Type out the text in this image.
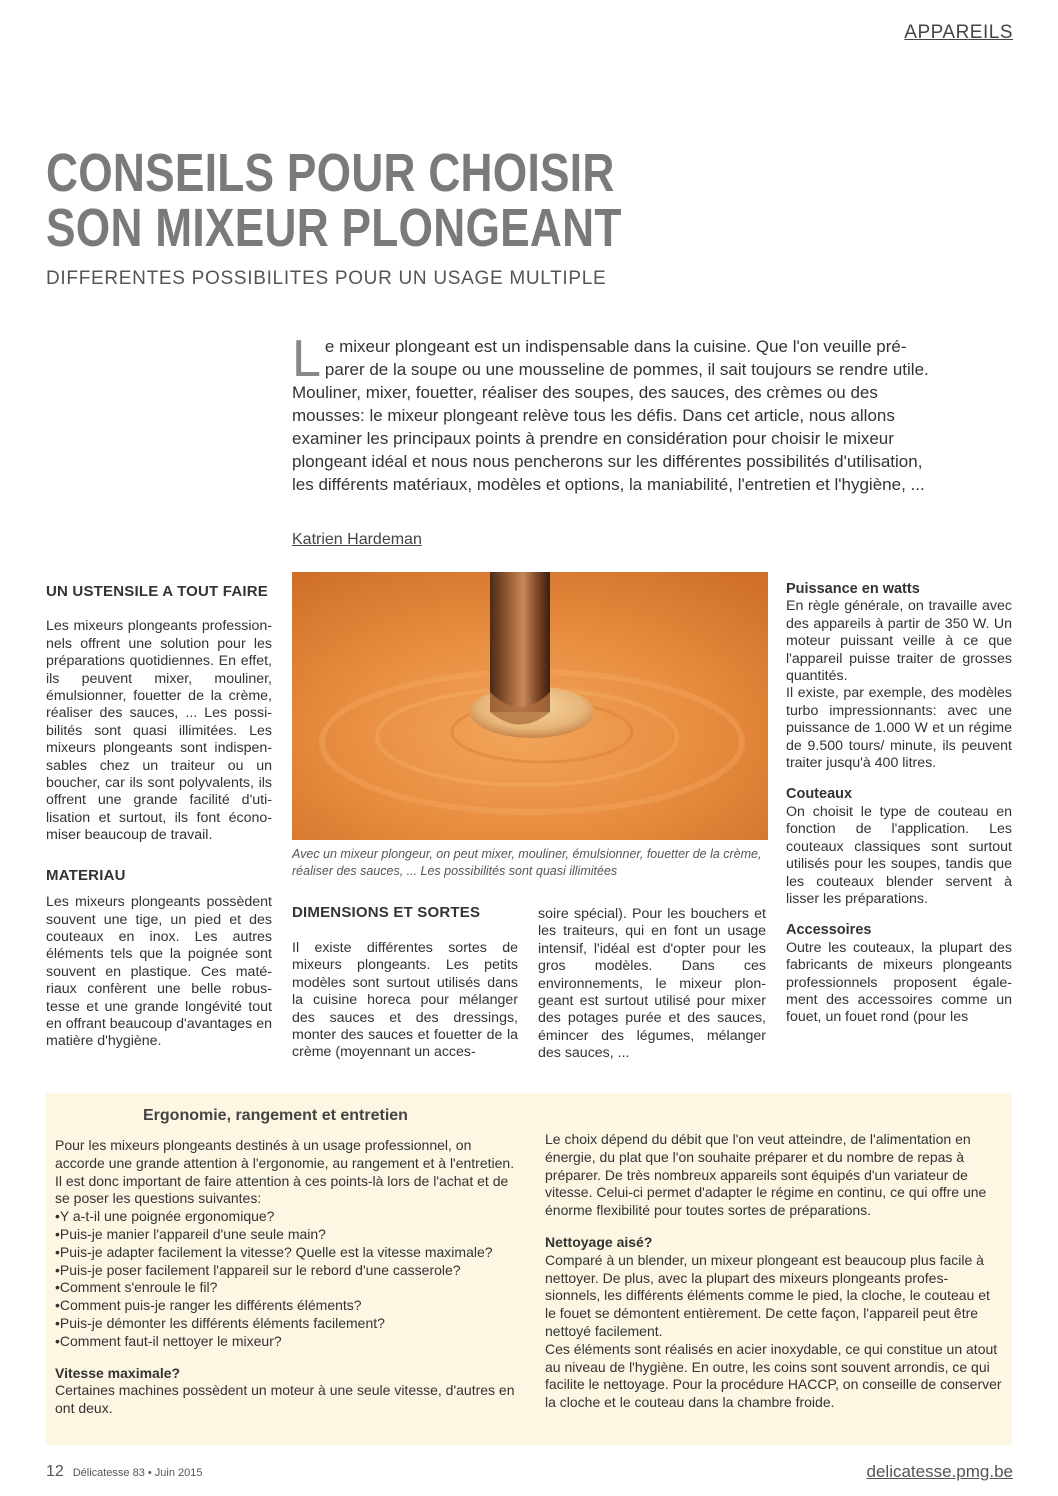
APPAREILS
CONSEILS POUR CHOISIR
SON MIXEUR PLONGEANT
DIFFERENTES POSSIBILITES POUR UN USAGE MULTIPLE
Le mixeur plongeant est un indispensable dans la cuisine. Que l'on veuille pré-parer de la soupe ou une mousseline de pommes, il sait toujours se rendre utile. Mouliner, mixer, fouetter, réaliser des soupes, des sauces, des crèmes ou des mousses: le mixeur plongeant relève tous les défis. Dans cet article, nous allons examiner les principaux points à prendre en considération pour choisir le mixeur plongeant idéal et nous nous pencherons sur les différentes possibilités d'utilisation, les différents matériaux, modèles et options, la maniabilité, l'entretien et l'hygiène, ...
Katrien Hardeman
UN USTENSILE A TOUT FAIRE

Les mixeurs plongeants profession-nels offrent une solution pour les préparations quotidiennes. En effet, ils peuvent mixer, mouliner, émulsionner, fouetter de la crème, réaliser des sauces, ... Les possi-bilités sont quasi illimitées. Les mixeurs plongeants sont indispen-sables chez un traiteur ou un boucher, car ils sont polyvalents, ils offrent une grande facilité d'uti-lisation et surtout, ils font écono-miser beaucoup de travail.

MATERIAU

Les mixeurs plongeants possèdent souvent une tige, un pied et des couteaux en inox. Les autres éléments tels que la poignée sont souvent en plastique. Ces maté-riaux confèrent une belle robus-tesse et une grande longévité tout en offrant beaucoup d'avantages en matière d'hygiène.

Avec un mixeur plongeur, on peut mixer, mouliner, émulsionner, fouetter de la crème, réaliser des sauces, ... Les possibilités sont quasi illimitées
DIMENSIONS ET SORTES

Il existe différentes sortes de mixeurs plongeants. Les petits modèles sont surtout utilisés dans la cuisine horeca pour mélanger des sauces et des dressings, monter des sauces et fouetter de la crème (moyennant un acces-

soire spécial). Pour les bouchers et les traiteurs, qui en font un usage intensif, l'idéal est d'opter pour les gros modèles. Dans ces environnements, le mixeur plon-geant est surtout utilisé pour mixer des potages purée et des sauces, émincer des légumes, mélanger des sauces, ...

Puissance en watts

En règle générale, on travaille avec des appareils à partir de 350 W. Un moteur puissant veille à ce que l'appareil puisse traiter de grosses quantités.

Il existe, par exemple, des modèles turbo impressionnants: avec une puissance de 1.000 W et un régime de 9.500 tours/ minute, ils peuvent traiter jusqu'à 400 litres.

Couteaux

On choisit le type de couteau en fonction de l'application. Les couteaux classiques sont surtout utilisés pour les soupes, tandis que les couteaux blender servent à lisser les préparations.

Accessoires

Outre les couteaux, la plupart des fabricants de mixeurs plongeants professionnels proposent égale-ment des accessoires comme un fouet, un fouet rond (pour les

Ergonomie, rangement et entretien

Pour les mixeurs plongeants destinés à un usage professionnel, on accorde une grande attention à l'ergonomie, au rangement et à l'entretien. Il est donc important de faire attention à ces points-là lors de l'achat et de se poser les questions suivantes:

•Y a-t-il une poignée ergonomique?

•Puis-je manier l'appareil d'une seule main?

•Puis-je adapter facilement la vitesse? Quelle est la vitesse maximale?

•Puis-je poser facilement l'appareil sur le rebord d'une casserole?

•Comment s'enroule le fil?

•Comment puis-je ranger les différents éléments?

•Puis-je démonter les différents éléments facilement?

•Comment faut-il nettoyer le mixeur?

Vitesse maximale?

Certaines machines possèdent un moteur à une seule vitesse, d'autres en ont deux.

Le choix dépend du débit que l'on veut atteindre, de l'alimentation en énergie, du plat que l'on souhaite préparer et du nombre de repas à préparer. De très nombreux appareils sont équipés d'un variateur de vitesse. Celui-ci permet d'adapter le régime en continu, ce qui offre une énorme flexibilité pour toutes sortes de préparations.

Nettoyage aisé?

Comparé à un blender, un mixeur plongeant est beaucoup plus facile à nettoyer. De plus, avec la plupart des mixeurs plongeants profes-sionnels, les différents éléments comme le pied, la cloche, le couteau et le fouet se démontent entièrement. De cette façon, l'appareil peut être nettoyé facilement.

Ces éléments sont réalisés en acier inoxydable, ce qui constitue un atout au niveau de l'hygiène. En outre, les coins sont souvent arrondis, ce qui facilite le nettoyage. Pour la procédure HACCP, on conseille de conserver la cloche et le couteau dans la chambre froide.

12 Délicatesse 83 • Juin 2015	delicatesse.pmg.be
